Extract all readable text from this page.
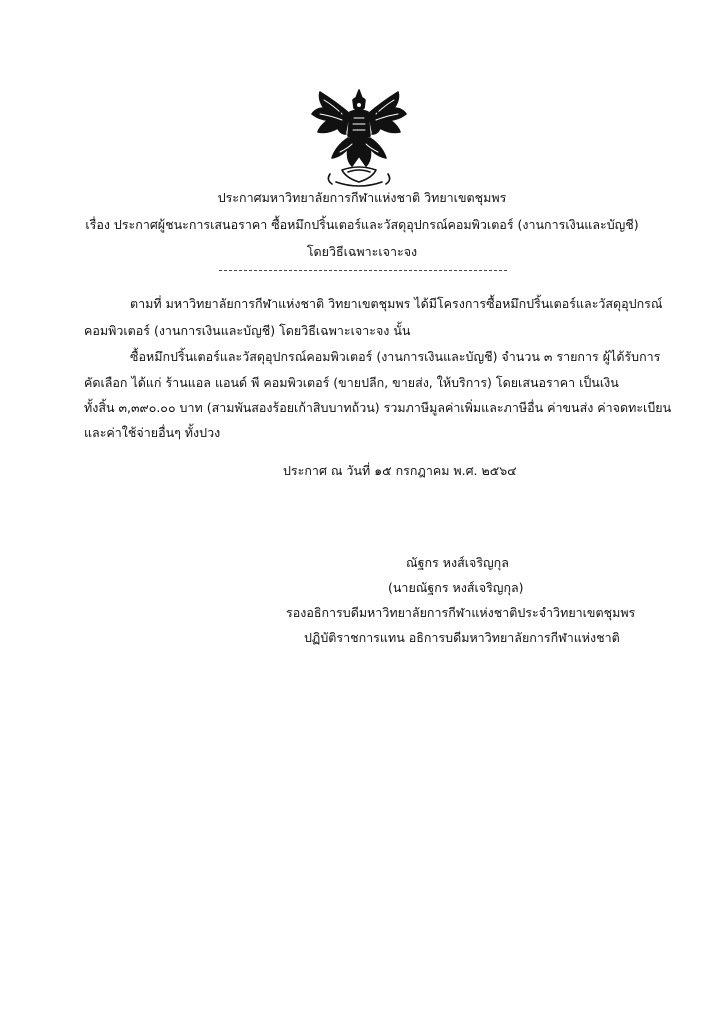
ประกาศมหาวิทยาลัยการกีฬาแห่งชาติ วิทยาเขตชุมพร
เรื่อง ประกาศผู้ชนะการเสนอราคา ซื้อหมึกปริ้นเตอร์และวัสดุอุปกรณ์คอมพิวเตอร์ (งานการเงินและบัญชี)
โดยวิธีเฉพาะเจาะจง
ตามที่ มหาวิทยาลัยการกีฬาแห่งชาติ วิทยาเขตชุมพร ได้มีโครงการซื้อหมึกปริ้นเตอร์และวัสดุอุปกรณ์
คอมพิวเตอร์ (งานการเงินและบัญชี) โดยวิธีเฉพาะเจาะจง นั้น
ซื้อหมึกปริ้นเตอร์และวัสดุอุปกรณ์คอมพิวเตอร์ (งานการเงินและบัญชี) จำนวน ๓ รายการ ผู้ได้รับการ
คัดเลือก ได้แก่ ร้านแอล แอนด์ พี คอมพิวเตอร์ (ขายปลีก, ขายส่ง, ให้บริการ) โดยเสนอราคา เป็นเงิน
ทั้งสิ้น ๓,๓๙๐.๐๐ บาท (สามพันสองร้อยเก้าสิบบาทถ้วน) รวมภาษีมูลค่าเพิ่มและภาษีอื่น ค่าขนส่ง ค่าจดทะเบียน
และค่าใช้จ่ายอื่นๆ ทั้งปวง
ประกาศ ณ วันที่ ๑๕ กรกฎาคม พ.ศ. ๒๕๖๔
ณัฐกร หงส์เจริญกุล
(นายณัฐกร หงส์เจริญกุล)
รองอธิการบดีมหาวิทยาลัยการกีฬาแห่งชาติประจำวิทยาเขตชุมพร
ปฏิบัติราชการแทน อธิการบดีมหาวิทยาลัยการกีฬาแห่งชาติ
